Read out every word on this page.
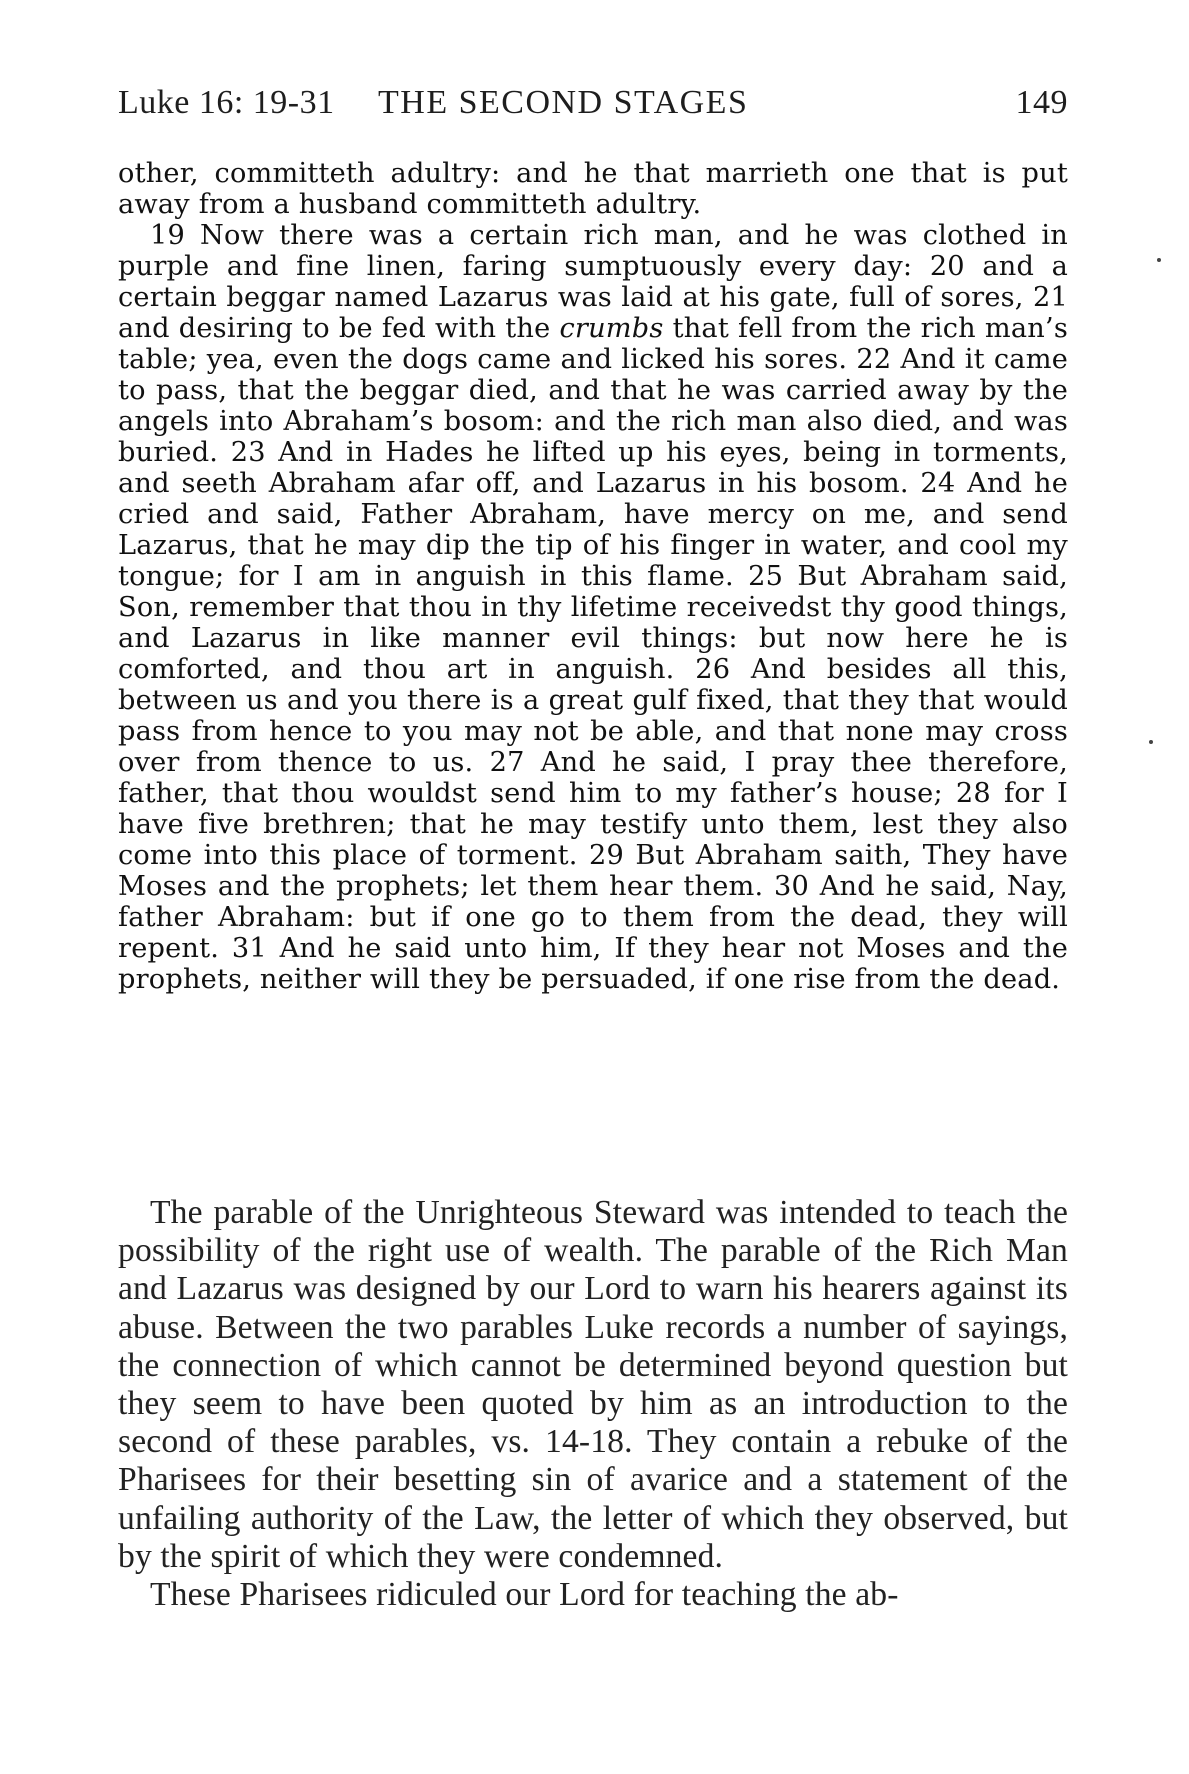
Luke 16: 19-31 THE SECOND STAGES	149

other, committeth adultry: and he that marrieth one that is put away from a husband committeth adultry.

19 Now there was a certain rich man, and he was clothed in purple and fine linen, faring sumptuously every day: 20 and a certain beggar named Lazarus was laid at his gate, full of sores, 21 and desiring to be fed with the crumbs that fell from the rich man’s table; yea, even the dogs came and licked his sores. 22 And it came to pass, that the beggar died, and that he was carried away by the angels into Abraham’s bosom: and the rich man also died, and was buried. 23 And in Hades he lifted up his eyes, being in torments, and seeth Abraham afar off, and Lazarus in his bosom. 24 And he cried and said, Father Abraham, have mercy on me, and send Lazarus, that he may dip the tip of his finger in water, and cool my tongue; for I am in anguish in this flame. 25 But Abraham said, Son, remember that thou in thy lifetime receivedst thy good things, and Lazarus in like manner evil things: but now here he is comforted, and thou art in anguish. 26 And besides all this, between us and you there is a great gulf fixed, that they that would pass from hence to you may not be able, and that none may cross over from thence to us. 27 And he said, I pray thee therefore, father, that thou wouldst send him to my father’s house; 28 for I have five brethren; that he may testify unto them, lest they also come into this place of torment. 29 But Abraham saith, They have Moses and the prophets; let them hear them. 30 And he said, Nay, father Abraham: but if one go to them from the dead, they will repent. 31 And he said unto him, If they hear not Moses and the prophets, neither will they be persuaded, if one rise from the dead.

The parable of the Unrighteous Steward was intended to teach the possibility of the right use of wealth. The parable of the Rich Man and Lazarus was designed by our Lord to warn his hearers against its abuse. Between the two parables Luke records a number of sayings, the connection of which cannot be determined beyond question but they seem to have been quoted by him as an introduction to the second of these parables, vs. 14-18. They contain a rebuke of the Pharisees for their besetting sin of avarice and a statement of the unfailing authority of the Law, the letter of which they observed, but by the spirit of which they were condemned.

These Pharisees ridiculed our Lord for teaching the ab-
